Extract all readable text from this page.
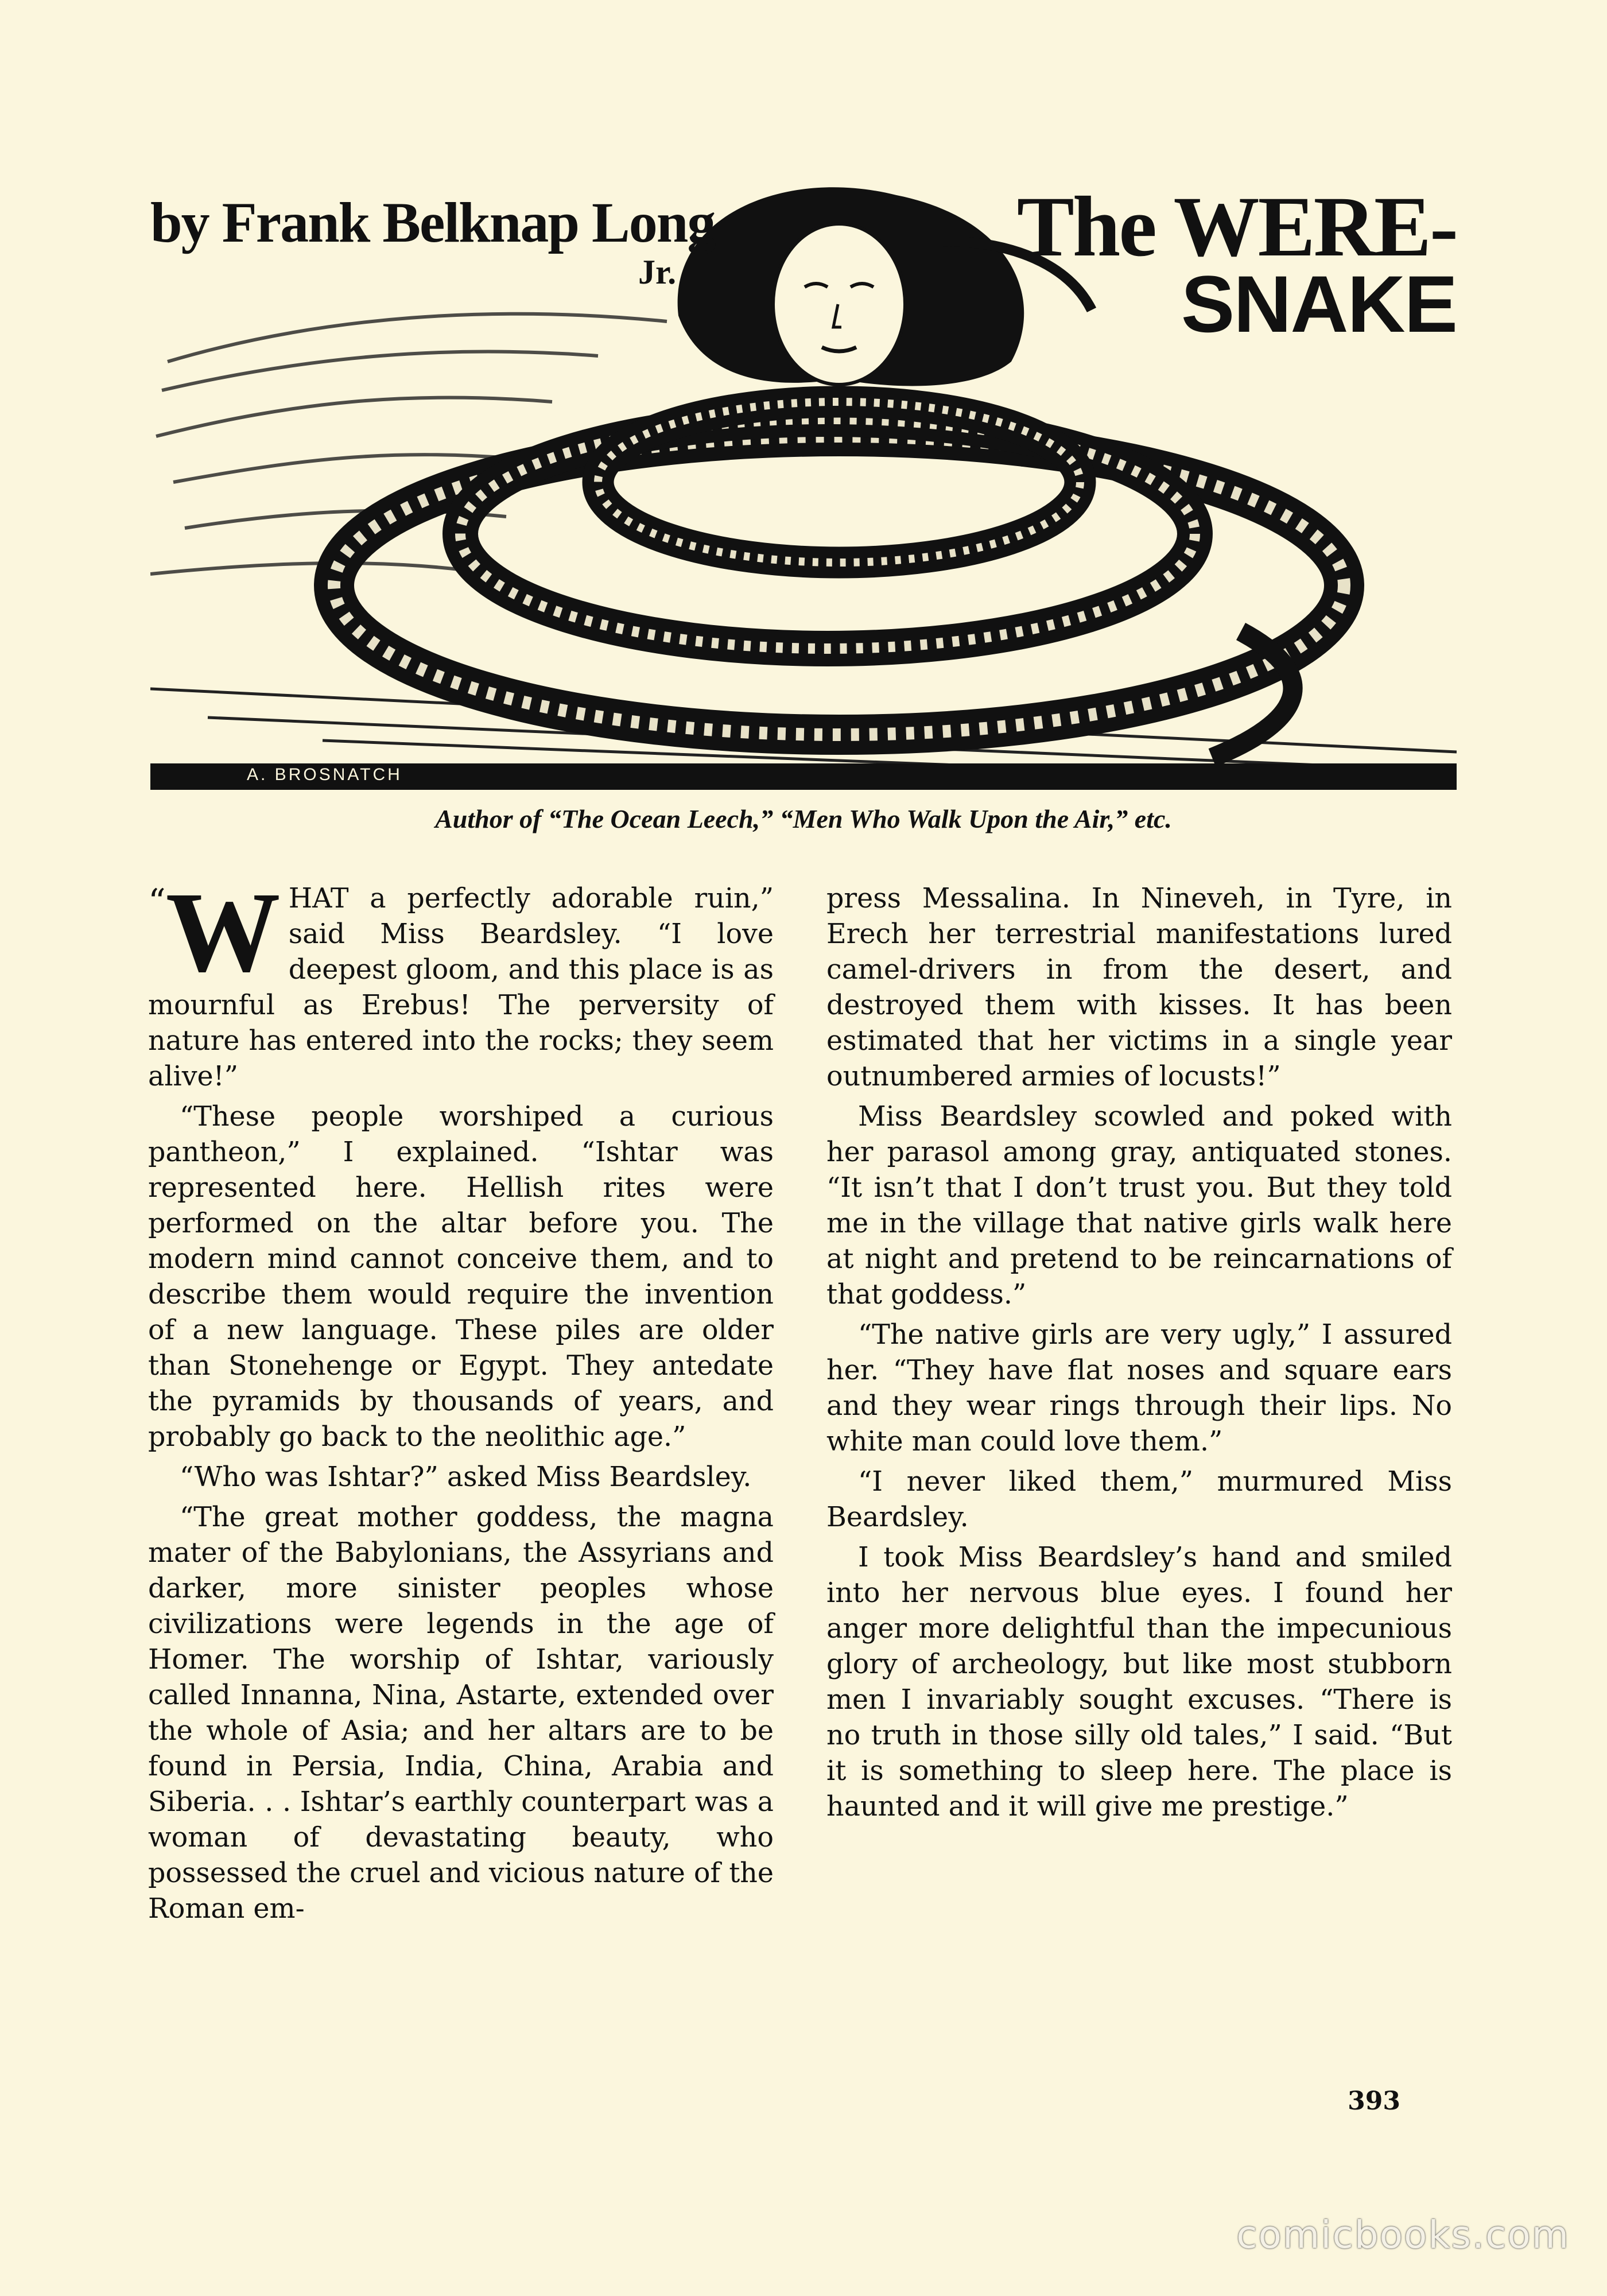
by Frank Belknap Long
Jr.	The WERE-
SNAKE
A. BROSNATCH
Author of “The Ocean Leech,” “Men Who Walk Upon the Air,” etc.

“ W HAT a perfectly adorable ruin,” said Miss Beardsley. “I love deepest gloom, and this place is as mournful as Erebus! The perversity of nature has entered into the rocks; they seem alive!”

“These people worshiped a curious pantheon,” I explained. “Ishtar was represented here. Hellish rites were performed on the altar before you. The modern mind cannot conceive them, and to describe them would require the invention of a new language. These piles are older than Stonehenge or Egypt. They antedate the pyramids by thousands of years, and probably go back to the neolithic age.”

“Who was Ishtar?” asked Miss Beardsley.

“The great mother goddess, the magna mater of the Babylonians, the Assyrians and darker, more sinister peoples whose civilizations were legends in the age of Homer. The worship of Ishtar, variously called Innanna, Nina, Astarte, extended over the whole of Asia; and her altars are to be found in Persia, India, China, Arabia and Siberia. . . Ishtar’s earthly counterpart was a woman of devastating beauty, who possessed the cruel and vicious nature of the Roman em-

press Messalina. In Nineveh, in Tyre, in Erech her terrestrial manifestations lured camel-drivers in from the desert, and destroyed them with kisses. It has been estimated that her victims in a single year outnumbered armies of locusts!”

Miss Beardsley scowled and poked with her parasol among gray, antiquated stones. “It isn’t that I don’t trust you. But they told me in the village that native girls walk here at night and pretend to be reincarnations of that goddess.”

“The native girls are very ugly,” I assured her. “They have flat noses and square ears and they wear rings through their lips. No white man could love them.”

“I never liked them,” murmured Miss Beardsley.

I took Miss Beardsley’s hand and smiled into her nervous blue eyes. I found her anger more delightful than the impecunious glory of archeology, but like most stubborn men I invariably sought excuses. “There is no truth in those silly old tales,” I said. “But it is something to sleep here. The place is haunted and it will give me prestige.”

393
comicbooks.com
